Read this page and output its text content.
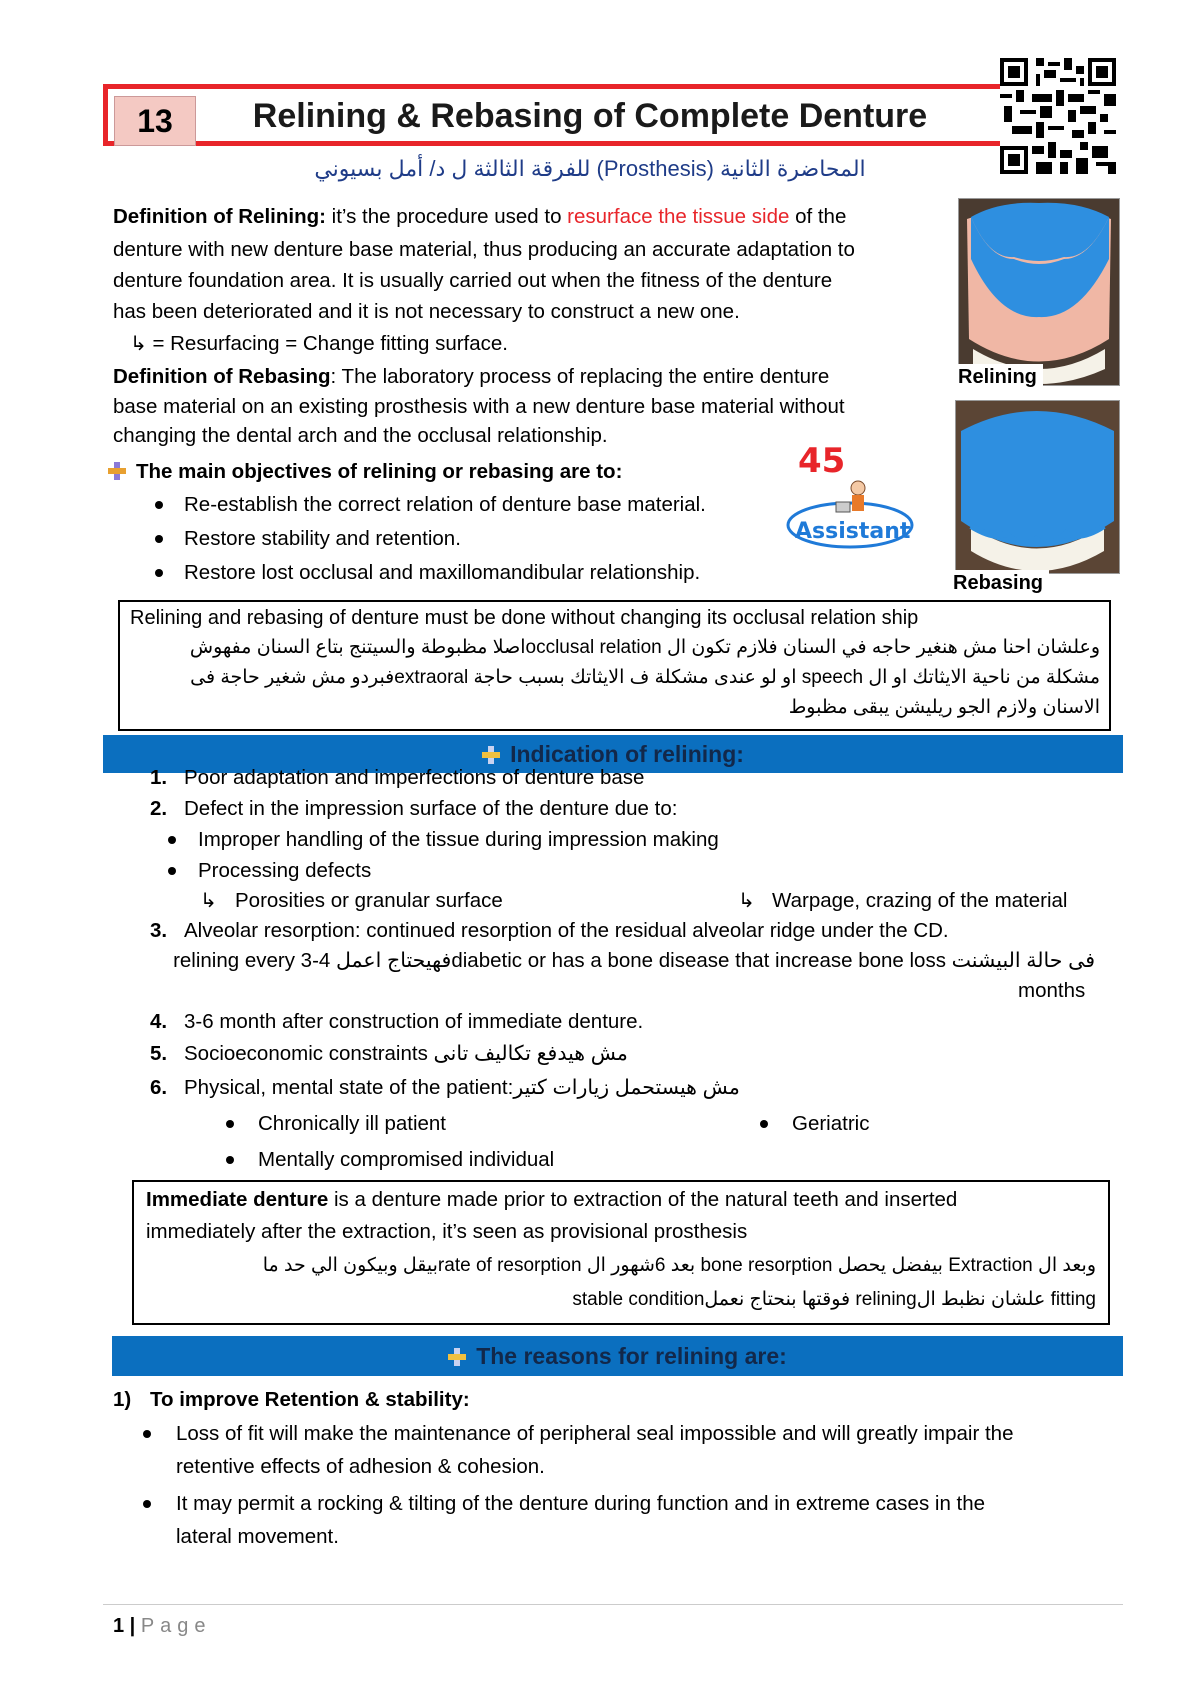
13	Relining & Rebasing of Complete Denture
المحاضرة الثانية (Prosthesis) للفرقة الثالثة ل د/ أمل بسيوني
Relining
Rebasing
Definition of Relining: it’s the procedure used to resurface the tissue side of the
denture with new denture base material, thus producing an accurate adaptation to
denture foundation area. It is usually carried out when the fitness of the denture
has been deteriorated and it is not necessary to construct a new one.
↳ = Resurfacing = Change fitting surface.
Definition of Rebasing: The laboratory process of replacing the entire denture
base material on an existing prosthesis with a new denture base material without
changing the dental arch and the occlusal relationship.
45
Assistant
The main objectives of relining or rebasing are to:
Re-establish the correct relation of denture base material.
Restore stability and retention.
Restore lost occlusal and maxillomandibular relationship.
Relining and rebasing of denture must be done without changing its occlusal relation ship
وعلشان احنا مش هنغير حاجه في السنان فلازم تكون ال occlusal relationاصلا مظبوطة والسيتنج بتاع السنان مفهوش
مشكلة من ناحية الايثاتك او ال speech او لو عندى مشكلة ف الايثاتك بسبب حاجة extraoralفبردو مش شغير حاجة فى
الاسنان ولازم الجو ريليشن يبقى مظبوط
Indication of relining:
1. Poor adaptation and imperfections of denture base
2. Defect in the impression surface of the denture due to:
Improper handling of the tissue during impression making
Processing defects
↳ Porosities or granular surface	↳ Warpage, crazing of the material
3. Alveolar resorption: continued resorption of the residual alveolar ridge under the CD.
فى حالة البيشنت diabetic or has a bone disease that increase bone lossفهيحتاج اعمل relining every 3-4
months
4. 3-6 month after construction of immediate denture.
5. Socioeconomic constraints مش هيدفع تكاليف تانى
6. Physical, mental state of the patient:مش هيستحمل زيارات كتير
Chronically ill patient	Geriatric
Mentally compromised individual
Immediate denture is a denture made prior to extraction of the natural teeth and inserted
immediately after the extraction, it’s seen as provisional prosthesis
وبعد ال Extraction بيفضل يحصل bone resorption بعد 6شهور ال rate of resorptionبيقل وبيكون الي حد ما
stable conditionفوقتها بنحتاج نعمل reliningعلشان نظبط ال fitting
The reasons for relining are:
1) To improve Retention & stability:
Loss of fit will make the maintenance of peripheral seal impossible and will greatly impair the
retentive effects of adhesion & cohesion.
It may permit a rocking & tilting of the denture during function and in extreme cases in the
lateral movement.
1 | Page
